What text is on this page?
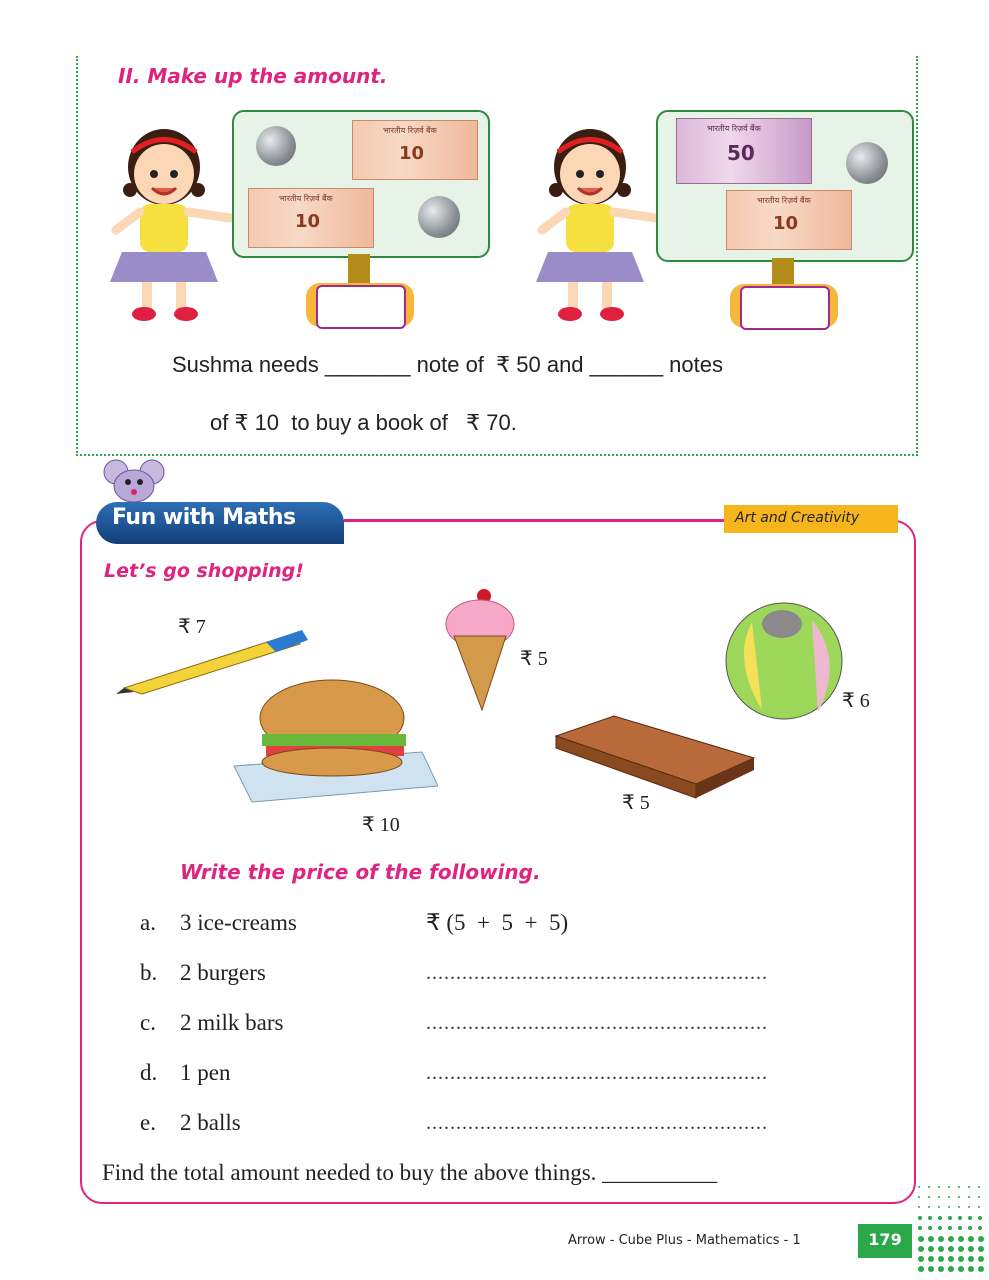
II. Make up the amount.
भारतीय रिज़र्व बैंक
10
भारतीय रिज़र्व बैंक
10
भारतीय रिज़र्व बैंक
50
भारतीय रिज़र्व बैंक
10
Sushma needs _______ note of  ₹ 50 and ______ notes
of ₹ 10  to buy a book of   ₹ 70.
Fun with Maths	Art and Creativity
Let’s go shopping!
₹ 7
₹ 5
₹ 6
₹ 10
₹ 5
Write the price of the following.
a. 3 ice-creams	₹ (5  +  5  +  5)
b. 2 burgers	.........................................................
c. 2 milk bars	.........................................................
d. 1 pen	.........................................................
e. 2 balls	.........................................................
Find the total amount needed to buy the above things. __________
Arrow - Cube Plus - Mathematics - 1	179
